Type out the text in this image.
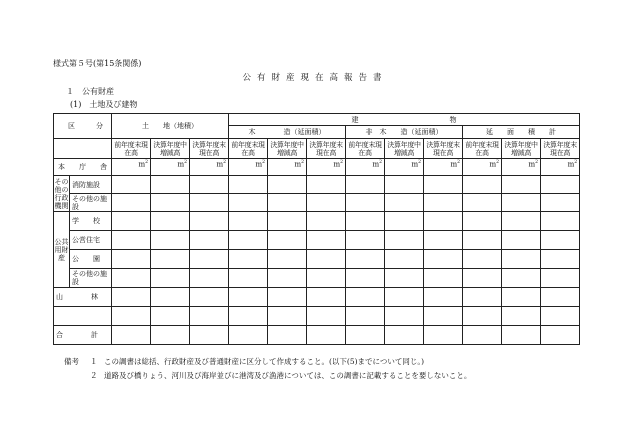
様式第５号(第15条関係)
公有財産現在高報告書
１　公有財産
(1)　土地及び建物
区 分		土　　地（地積）			建　　　　　　　　　　　　　物								
					木　　　　造（延面積）			非　木　　造（延面積）			延　　面　　積　　計		
		前年度末現在高	決算年度中増減高	決算年度末現在高	前年度末現在高	決算年度中増減高	決算年度末現在高	前年度末現在高	決算年度中増減高	決算年度末現在高	前年度末現在高	決算年度中増減高	決算年度末現在高

本 庁 舎		$m^2$	$m^2$	$m^2$	$m^2$	$m^2$	$m^2$	$m^2$	$m^2$	$m^2$	$m^2$	$m^2$	$m^2$
その他の行政機関	消防施設												
	その他の施設												
公共用財産	学　　校												
	公営住宅												
	公　　園												
	その他の施設												
山　　　　林													

合　　　　計													
備考 １ この調書は総括、行政財産及び普通財産に区分して作成すること。(以下(5)までについて同じ。)
２ 道路及び橋りょう、河川及び海岸並びに港湾及び漁港については、この調書に記載することを要しないこと。
